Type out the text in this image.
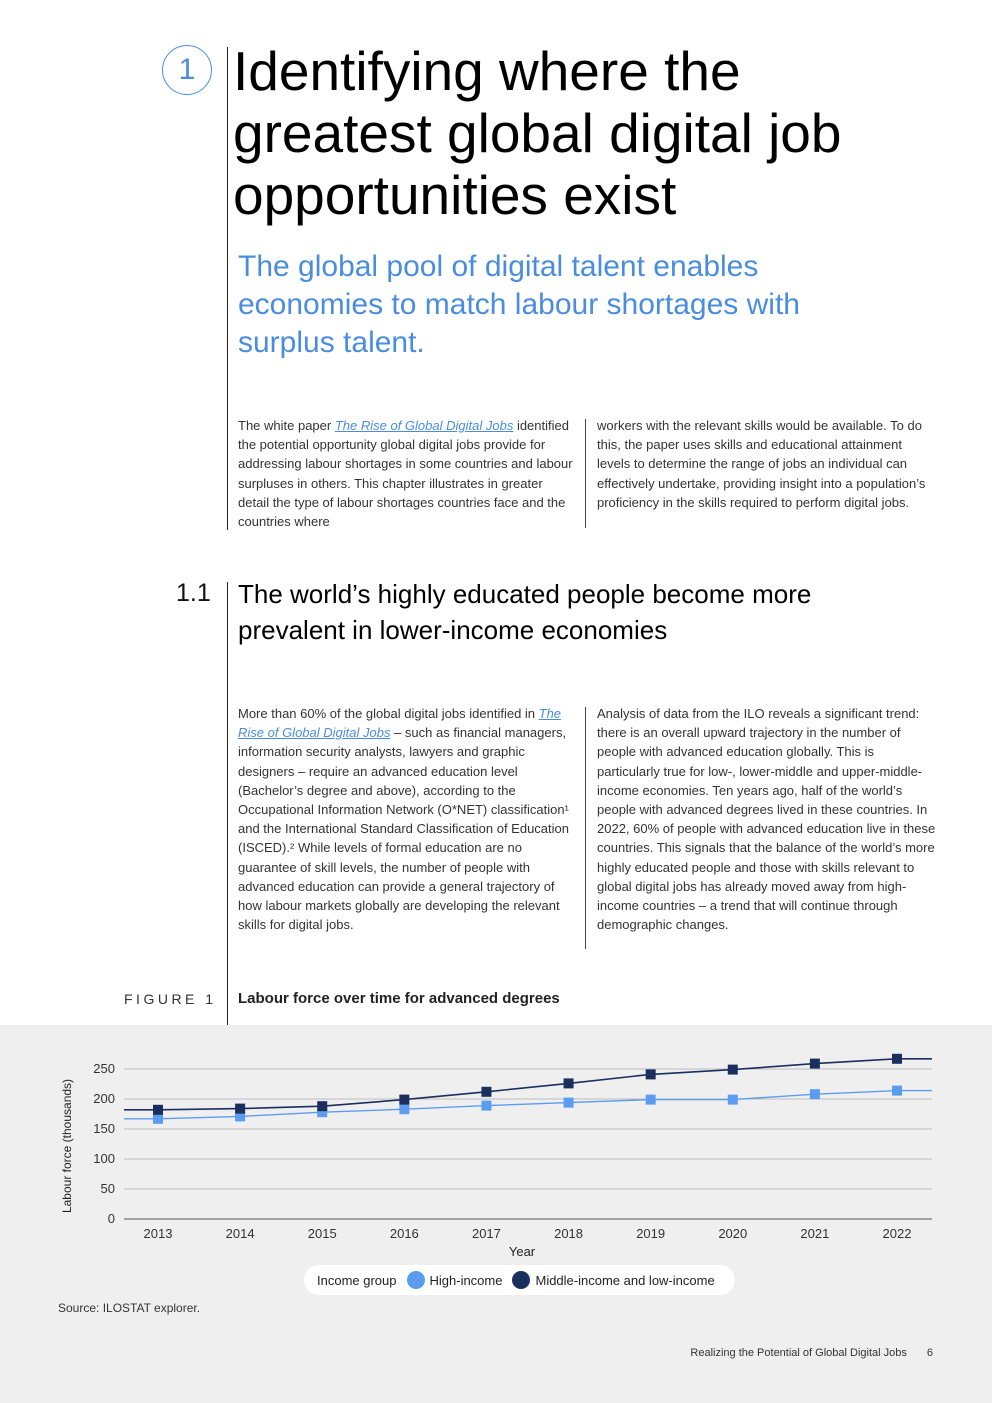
1 Identifying where the greatest global digital job opportunities exist
The global pool of digital talent enables economies to match labour shortages with surplus talent.

The white paper The Rise of Global Digital Jobs identified the potential opportunity global digital jobs provide for addressing labour shortages in some countries and labour surpluses in others. This chapter illustrates in greater detail the type of labour shortages countries face and the countries where

workers with the relevant skills would be available. To do this, the paper uses skills and educational attainment levels to determine the range of jobs an individual can effectively undertake, providing insight into a population’s proficiency in the skills required to perform digital jobs.

1.1 The world’s highly educated people become more prevalent in lower-income economies

More than 60% of the global digital jobs identified in The Rise of Global Digital Jobs – such as financial managers, information security analysts, lawyers and graphic designers – require an advanced education level (Bachelor’s degree and above), according to the Occupational Information Network (O*NET) classification¹ and the International Standard Classification of Education (ISCED).² While levels of formal education are no guarantee of skill levels, the number of people with advanced education can provide a general trajectory of how labour markets globally are developing the relevant skills for digital jobs.

Analysis of data from the ILO reveals a significant trend: there is an overall upward trajectory in the number of people with advanced education globally. This is particularly true for low-, lower-middle and upper-middle-income economies. Ten years ago, half of the world’s people with advanced degrees lived in these countries. In 2022, 60% of people with advanced education live in these countries. This signals that the balance of the world’s more highly educated people and those with skills relevant to global digital jobs has already moved away from high-income countries – a trend that will continue through demographic changes.

FIGURE 1 Labour force over time for advanced degrees
0
50
100
150
200
250
2013	2014	2015	2016	2017	2018	2019	2020	2021	2022
Year
Labour force (thousands)
Income group	High-income	Middle-income and low-income
Source: ILOSTAT explorer.
Realizing the Potential of Global Digital Jobs 6
